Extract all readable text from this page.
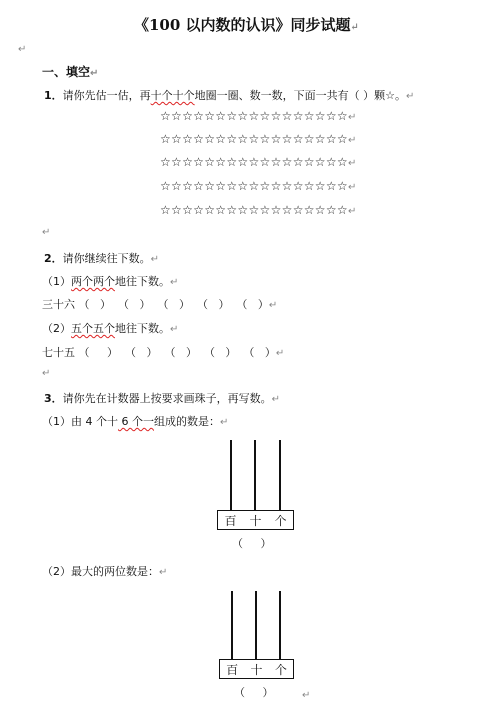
《100 以内数的认识》同步试题↵
↵
一、填空↵
1．请你先估一估，再十个十个地圈一圈、数一数，下面一共有（ ）颗☆。↵
☆☆☆☆☆☆☆☆☆☆☆☆☆☆☆☆☆↵
☆☆☆☆☆☆☆☆☆☆☆☆☆☆☆☆☆↵
☆☆☆☆☆☆☆☆☆☆☆☆☆☆☆☆☆↵
☆☆☆☆☆☆☆☆☆☆☆☆☆☆☆☆☆↵
☆☆☆☆☆☆☆☆☆☆☆☆☆☆☆☆☆↵
↵
2．请你继续往下数。↵
（1）两个两个地往下数。↵
三十六 （   ）  （   ）  （   ）  （   ）  （   ）↵
（2）五个五个地往下数。↵
七十五 （     ）  （   ）  （   ）  （   ）  （   ）↵
↵
3．请你先在计数器上按要求画珠子，再写数。↵
（1）由 4 个十 6 个一组成的数是：↵
百 十 个
（     ）
（2）最大的两位数是：↵
百 十 个
（     ）	↵
